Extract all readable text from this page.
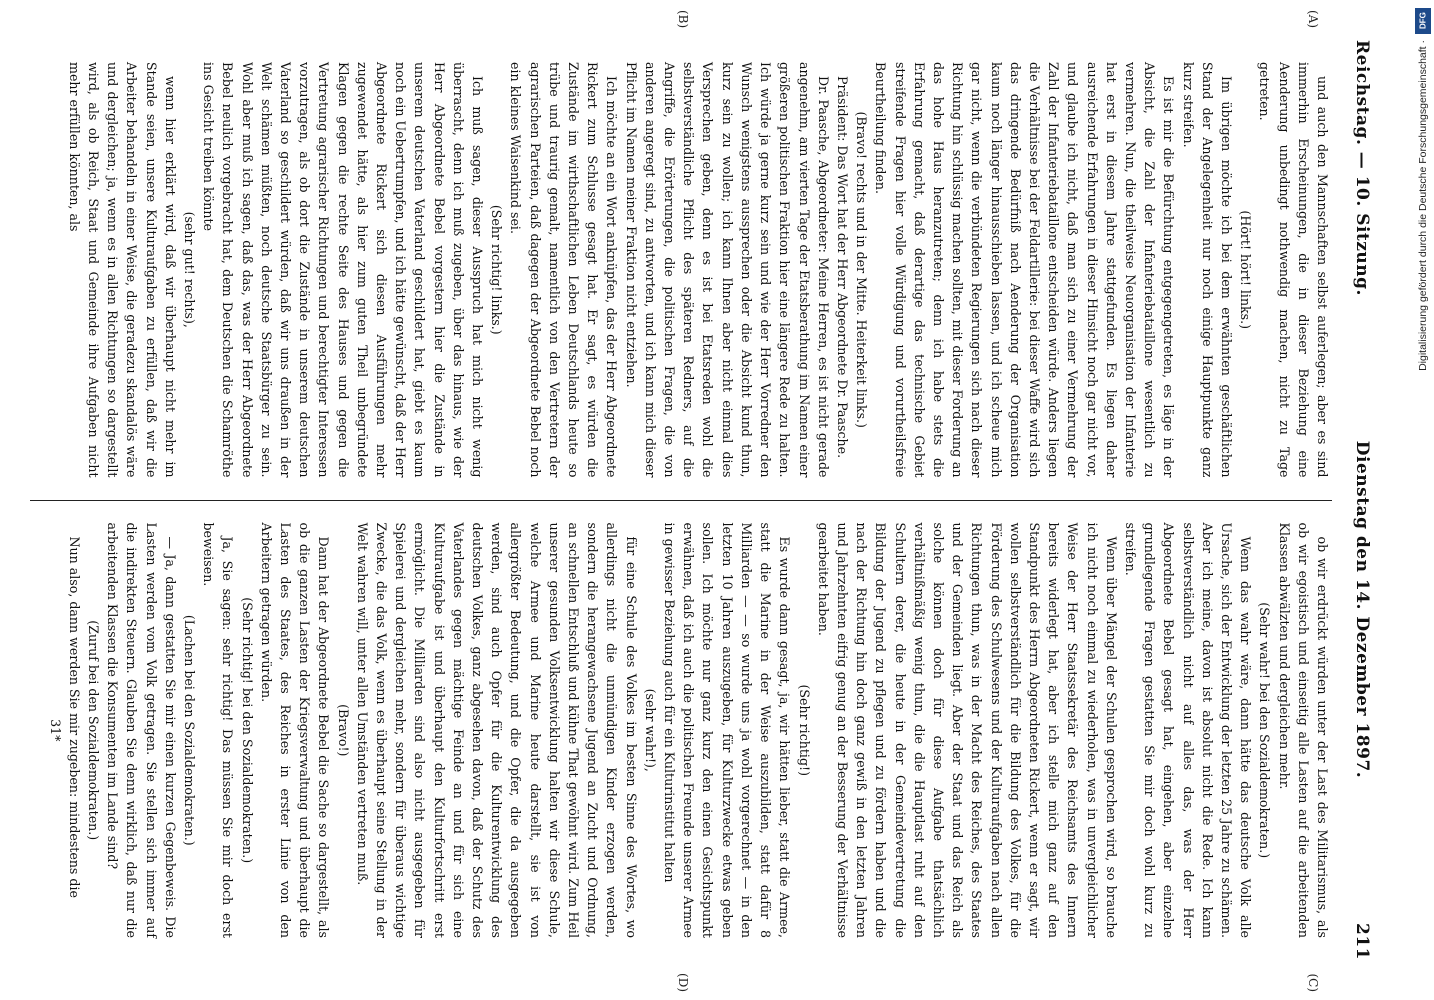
Reichstag. — 10. Sitzung.
Dienstag den 14. Dezember 1897.
211

und auch den Mannschaften selbst auferlegen; aber es sind immerhin Erscheinungen, die in dieser Beziehung eine Aenderung unbedingt nothwendig machen, nicht zu Tage getreten.

(Hört! hört! links.)

Im übrigen möchte ich bei dem erwähnten geschäftlichen Stand der Angelegenheit nur noch einige Hauptpunkte ganz kurz streifen.

Es ist mir die Befürchtung entgegengetreten, es läge in der Absicht, die Zahl der Infanteriebataillone wesentlich zu vermehren. Nun, die theilweise Neuorganisation der Infanterie hat erst in diesem Jahre stattgefunden. Es liegen daher ausreichende Erfahrungen in dieser Hinsicht noch gar nicht vor, und glaube ich nicht, daß man sich zu einer Vermehrung der Zahl der Infanteriebataillone entscheiden würde. Anders liegen die Verhältnisse bei der Feldartillerie: bei dieser Waffe wird sich das dringende Bedürfniß nach Aenderung der Organisation kaum noch länger hinausschieben lassen, und ich scheue mich gar nicht, wenn die verbündeten Regierungen sich nach dieser Richtung hin schlüssig machen sollten, mit dieser Forderung an das hohe Haus heranzutreten; denn ich habe stets die Erfahrung gemacht, daß derartige das technische Gebiet streifende Fragen hier volle Würdigung und vorurtheilsfreie Beurtheilung finden.

(Bravo! rechts und in der Mitte. Heiterkeit links.)

Präsident: Das Wort hat der Herr Abgeordnete Dr. Paasche.

Dr. Paasche, Abgeordneter: Meine Herren, es ist nicht gerade angenehm, am vierten Tage der Etatsberathung im Namen einer größeren politischen Fraktion hier eine längere Rede zu halten. Ich würde ja gerne kurz sein und wie der Herr Vorredner den Wunsch wenigstens aussprechen oder die Absicht kund thun, kurz sein zu wollen; ich kann Ihnen aber nicht einmal dies Versprechen geben, denn es ist bei Etatsreden wohl die selbstverständliche Pflicht des späteren Redners, auf die Angriffe, die Erörterungen, die politischen Fragen, die von anderen angeregt sind, zu antworten, und ich kann mich dieser Pflicht im Namen meiner Fraktion nicht entziehen.

Ich möchte an ein Wort anknüpfen, das der Herr Abgeordnete Rickert zum Schlusse gesagt hat. Er sagt, es würden die Zustände im wirthschaftlichen Leben Deutschlands heute so trübe und traurig gemalt, namentlich von den Vertretern der agrarischen Parteien, daß dagegen der Abgeordnete Bebel noch ein kleines Waisenkind sei.

(Sehr richtig! links.)

Ich muß sagen, dieser Ausspruch hat mich nicht wenig überrascht, denn ich muß zugeben, über das hinaus, wie der Herr Abgeordnete Bebel vorgestern hier die Zustände in unserem deutschen Vaterland geschildert hat, giebt es kaum noch ein Uebertrumpfen, und ich hätte gewünscht, daß der Herr Abgeordnete Rickert sich diesen Ausführungen mehr zugewendet hätte, als hier zum guten Theil unbegründete Klagen gegen die rechte Seite des Hauses und gegen die Vertretung agrarischer Richtungen und berechtigter Interessen vorzutragen, als ob dort die Zustände in unserem deutschen Vaterland so geschildert würden, daß wir uns draußen in der Welt schämen müßten, noch deutsche Staatsbürger zu sein. Wohl aber muß ich sagen, daß das, was der Herr Abgeordnete Bebel neulich vorgebracht hat, dem Deutschen die Schamröthe ins Gesicht treiben könnte

(sehr gut! rechts),

wenn hier erklärt wird, daß wir überhaupt nicht mehr im Stande seien, unsere Kulturaufgaben zu erfüllen, daß wir die Arbeiter behandeln in einer Weise, die geradezu skandalös wäre und dergleichen; ja, wenn es in allen Richtungen so dargestellt wird, als ob Reich, Staat und Gemeinde ihre Aufgaben nicht mehr erfüllen könnten, als

ob wir erdrückt würden unter der Last des Militarismus, als ob wir egoistisch und einseitig alle Lasten auf die arbeitenden Klassen abwälzten und dergleichen mehr.

(Sehr wahr! bei den Sozialdemokraten.)

Wenn das wahr wäre, dann hätte das deutsche Volk alle Ursache, sich der Entwicklung der letzten 25 Jahre zu schämen. Aber ich meine, davon ist absolut nicht die Rede. Ich kann selbstverständlich nicht auf alles das, was der Herr Abgeordnete Bebel gesagt hat, eingehen, aber einzelne grundlegende Fragen gestatten Sie mir doch wohl kurz zu streifen.

Wenn über Mängel der Schulen gesprochen wird, so brauche ich nicht noch einmal zu wiederholen, was in unvergleichlicher Weise der Herr Staatssekretär des Reichsamts des Innern bereits widerlegt hat, aber ich stelle mich ganz auf den Standpunkt des Herrn Abgeordneten Rickert, wenn er sagt, wir wollen selbstverständlich für die Bildung des Volkes, für die Förderung des Schulwesens und der Kulturaufgaben nach allen Richtungen thun, was in der Macht des Reiches, des Staates und der Gemeinden liegt. Aber der Staat und das Reich als solche können doch für diese Aufgabe thatsächlich verhältnißmäßig wenig thun, die die Hauptlast ruht auf den Schultern derer, die heute in der Gemeindevertretung die Bildung der Jugend zu pflegen und zu fördern haben und die nach der Richtung hin doch ganz gewiß in den letzten Jahren und Jahrzehnten eifrig genug an der Besserung der Verhältnisse gearbeitet haben.

(Sehr richtig!)

Es wurde dann gesagt, ja, wir hätten lieber, statt die Armee, statt die Marine in der Weise auszubilden, statt dafür 8 Milliarden — — so wurde uns ja wohl vorgerechnet — in den letzten 10 Jahren auszugeben, für Kulturzwecke etwas geben sollen. Ich möchte nur ganz kurz den einen Gesichtspunkt erwähnen, daß ich auch die politischen Freunde unserer Armee in gewisser Beziehung auch für ein Kulturinstitut halten

(sehr wahr!),

für eine Schule des Volkes im besten Sinne des Wortes, wo allerdings nicht die unmündigen Kinder erzogen werden, sondern die herangewachsene Jugend an Zucht und Ordnung, an schnellen Entschluß und kühne That gewöhnt wird. Zum Heil unserer gesunden Volksentwicklung halten wir diese Schule, welche Armee und Marine heute darstellt, sie ist von allergrößter Bedeutung, und die Opfer, die da ausgegeben werden, sind auch Opfer für die Kulturentwicklung des deutschen Volkes, ganz abgesehen davon, daß der Schutz des Vaterlandes gegen mächtige Feinde an und für sich eine Kulturaufgabe ist und überhaupt den Kulturfortschritt erst ermöglicht. Die Milliarden sind also nicht ausgegeben für Spielerei und dergleichen mehr, sondern für überaus wichtige Zwecke, die das Volk, wenn es überhaupt seine Stellung in der Welt wahren will, unter allen Umständen vertreten muß.

(Bravo!)

Dann hat der Abgeordnete Bebel die Sache so dargestellt, als ob die ganzen Lasten der Kriegsverwaltung und überhaupt die Lasten des Staates, des Reiches in erster Linie von den Arbeitern getragen würden.

(Sehr richtig! bei den Sozialdemokraten.)

Ja, Sie sagen: sehr richtig! Das müssen Sie mir doch erst beweisen.

(Lachen bei den Sozialdemokraten.)

— Ja, dann gestatten Sie mir einen kurzen Gegenbeweis. Die Lasten werden vom Volk getragen. Sie stellen sich immer auf die indirekten Steuern. Glauben Sie denn wirklich, daß nur die arbeitenden Klassen die Konsumenten im Lande sind?

(Zuruf bei den Sozialdemokraten.)

Nun also, dann werden Sie mir zugeben: mindestens die

31*

(A)
(B)
(C)
(D)
DFG
Digitalisierung gefördert durch die Deutsche Forschungsgemeinschaft ·
